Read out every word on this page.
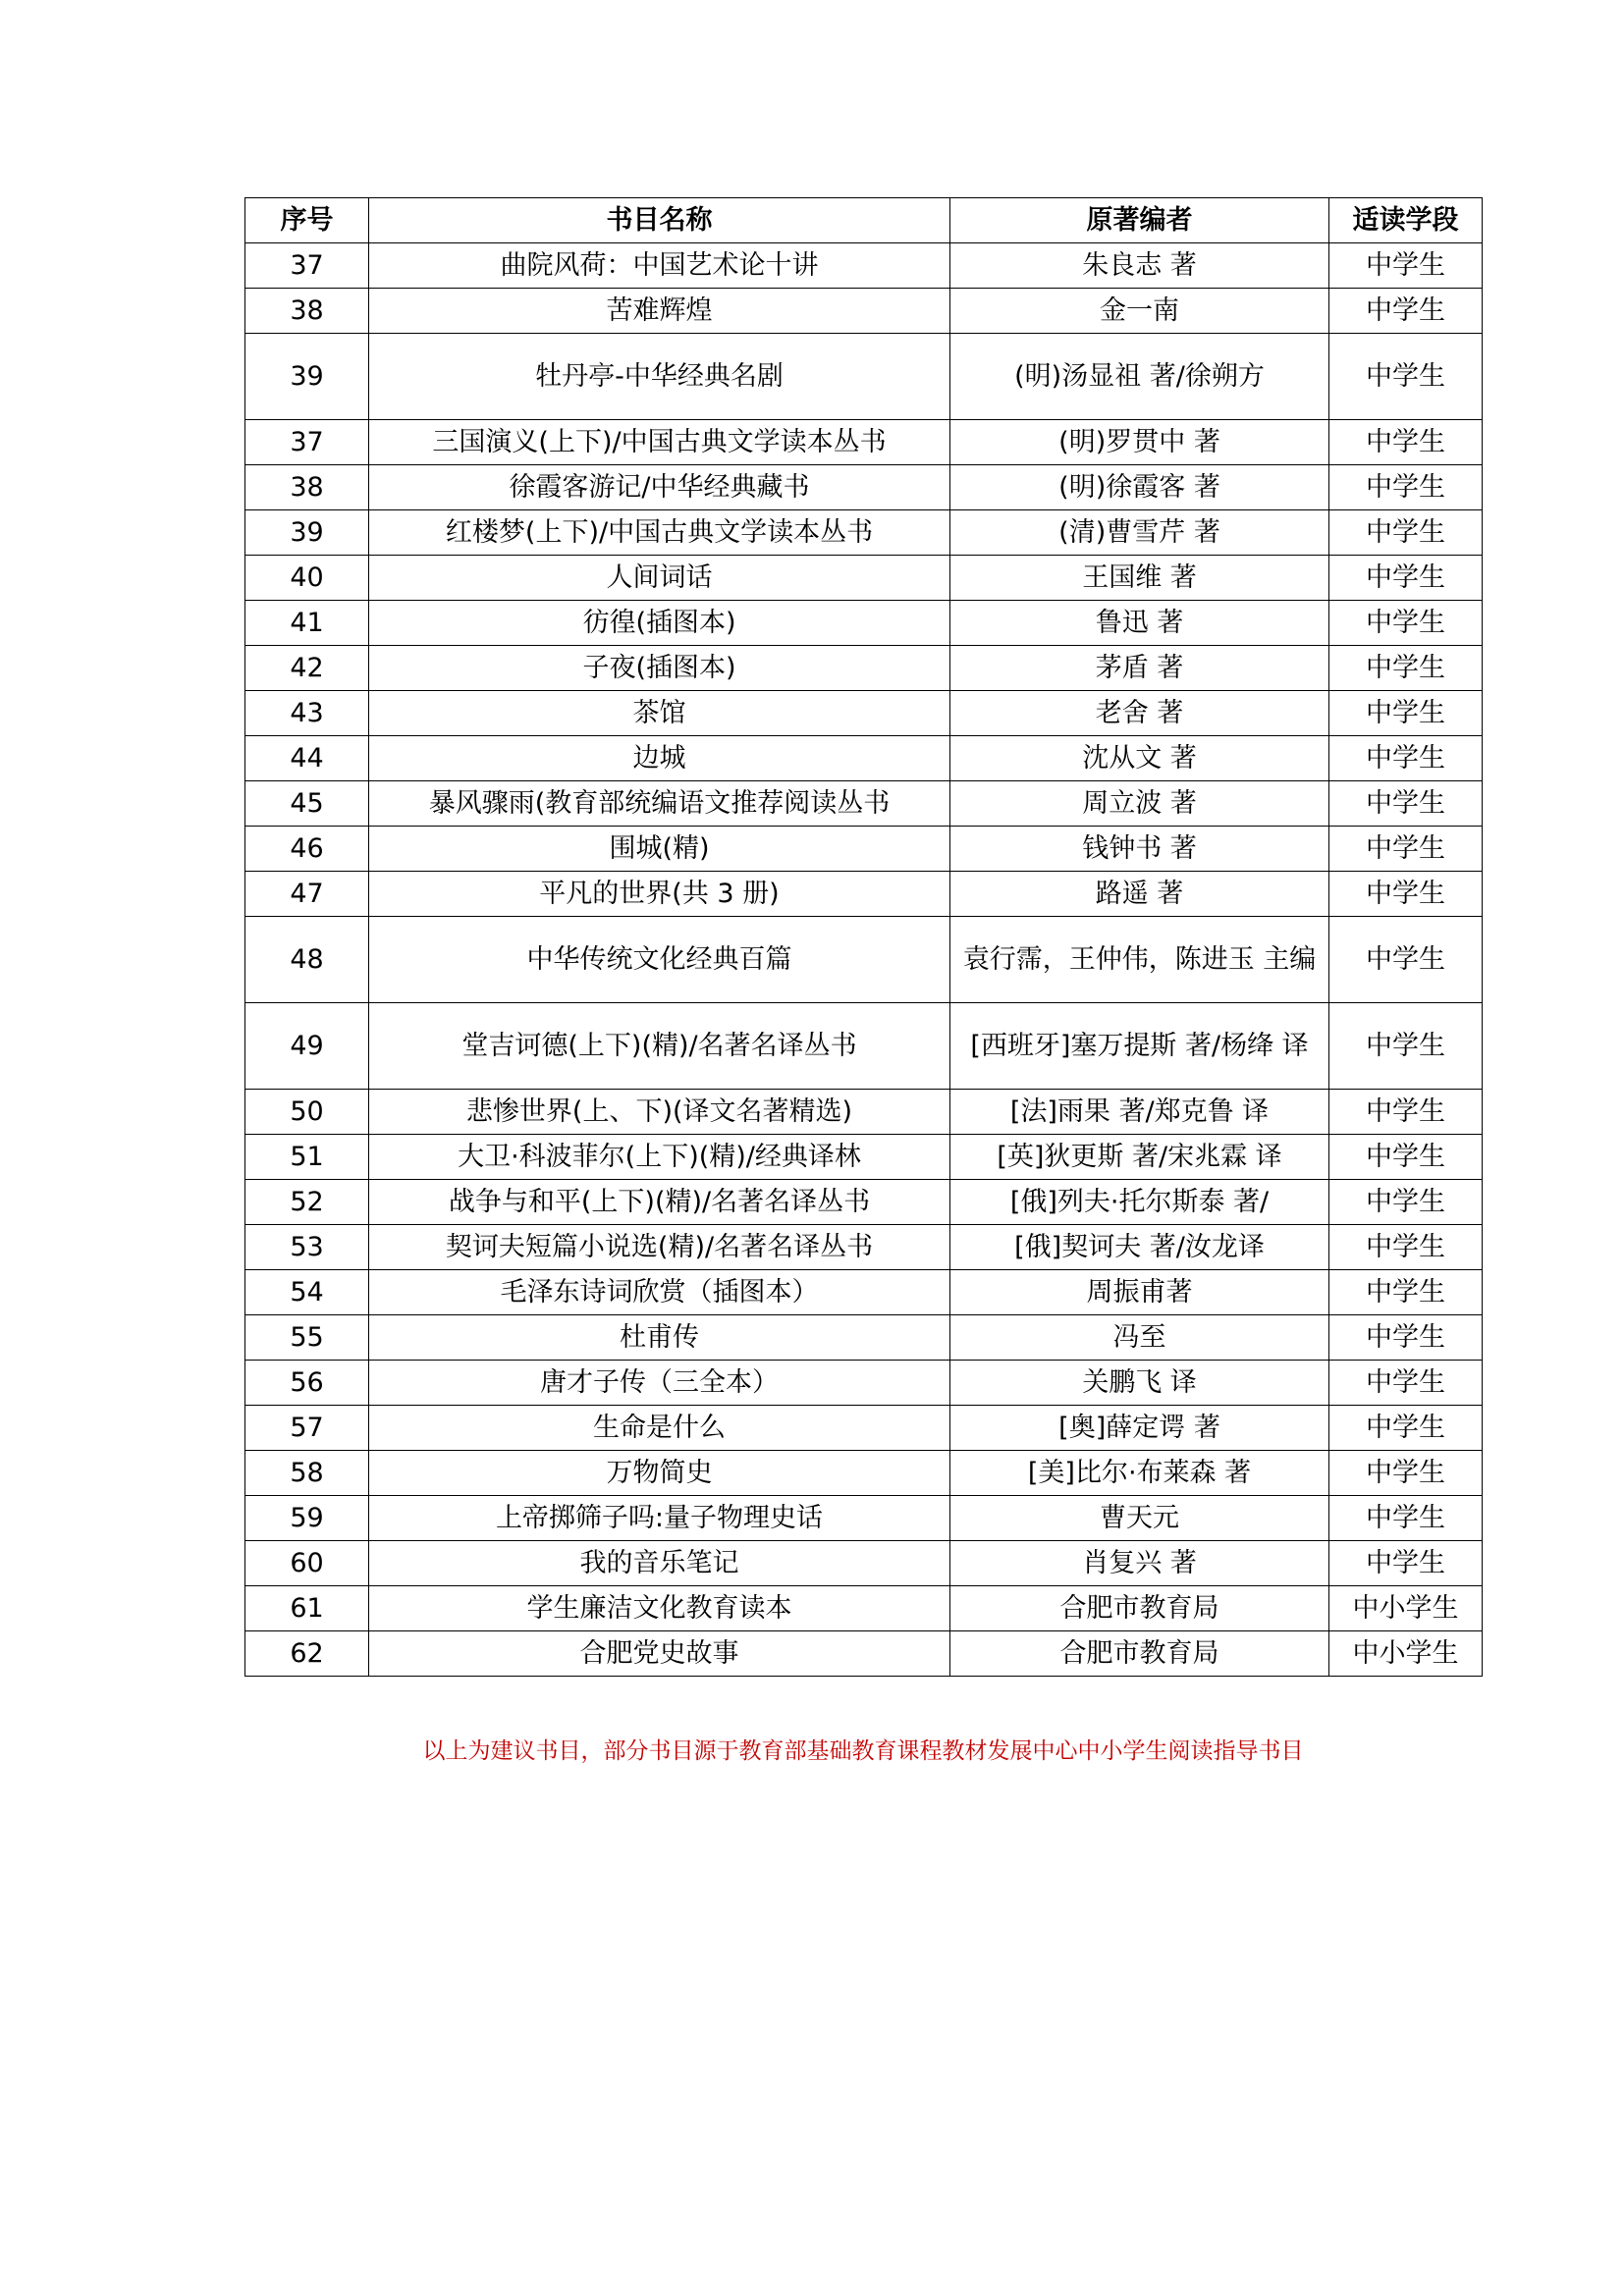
序号	书目名称	原著编者	适读学段
37	曲院风荷：中国艺术论十讲	朱良志 著	中学生
38	苦难辉煌	金一南	中学生
39	牡丹亭-中华经典名剧	(明)汤显祖 著/徐朔方	中学生
37	三国演义(上下)/中国古典文学读本丛书	(明)罗贯中 著	中学生
38	徐霞客游记/中华经典藏书	(明)徐霞客 著	中学生
39	红楼梦(上下)/中国古典文学读本丛书	(清)曹雪芹 著	中学生
40	人间词话	王国维 著	中学生
41	彷徨(插图本)	鲁迅 著	中学生
42	子夜(插图本)	茅盾 著	中学生
43	茶馆	老舍 著	中学生
44	边城	沈从文 著	中学生
45	暴风骤雨(教育部统编语文推荐阅读丛书	周立波 著	中学生
46	围城(精)	钱钟书 著	中学生
47	平凡的世界(共 3 册)	路遥 著	中学生
48	中华传统文化经典百篇	袁行霈，王仲伟，陈进玉 主编	中学生
49	堂吉诃德(上下)(精)/名著名译丛书	[西班牙]塞万提斯 著/杨绛 译	中学生
50	悲惨世界(上、下)(译文名著精选)	[法]雨果 著/郑克鲁 译	中学生
51	大卫·科波菲尔(上下)(精)/经典译林	[英]狄更斯 著/宋兆霖 译	中学生
52	战争与和平(上下)(精)/名著名译丛书	[俄]列夫·托尔斯泰 著/	中学生
53	契诃夫短篇小说选(精)/名著名译丛书	[俄]契诃夫 著/汝龙译	中学生
54	毛泽东诗词欣赏（插图本）	周振甫著	中学生
55	杜甫传	冯至	中学生
56	唐才子传（三全本）	关鹏飞 译	中学生
57	生命是什么	[奥]薛定谔 著	中学生
58	万物简史	[美]比尔·布莱森 著	中学生
59	上帝掷筛子吗:量子物理史话	曹天元	中学生
60	我的音乐笔记	肖复兴 著	中学生
61	学生廉洁文化教育读本	合肥市教育局	中小学生
62	合肥党史故事	合肥市教育局	中小学生
以上为建议书目，部分书目源于教育部基础教育课程教材发展中心中小学生阅读指导书目
